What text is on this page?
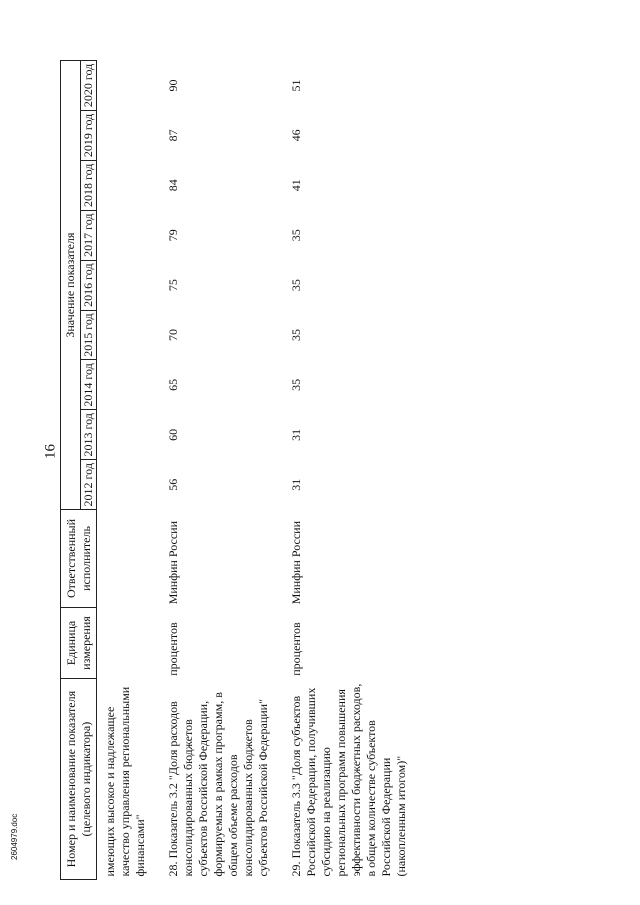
16
Номер и наименование показателя (целевого индикатора)	Единица измерения	Ответственный исполнитель	Значение показателя								
			2012 год	2013 год	2014 год	2015 год	2016 год	2017 год	2018 год	2019 год	2020 год
имеющих высокое и надлежащее качество управления региональными финансами"											
28. Показатель 3.2 "Доля расходов консолидированных бюджетов субъектов Российской Федерации, формируемых в рамках программ, в общем объеме расходов консолидированных бюджетов субъектов Российской Федерации"	процентов	Минфин России	56	60	65	70	75	79	84	87	90
29. Показатель 3.3 "Доля субъектов Российской Федерации, получивших субсидию на реализацию региональных программ повышения эффективности бюджетных расходов, в общем количестве субъектов Российской Федерации (накопленным итогом)"	процентов	Минфин России	31	31	35	35	35	35	41	46	51
2604979.doc
